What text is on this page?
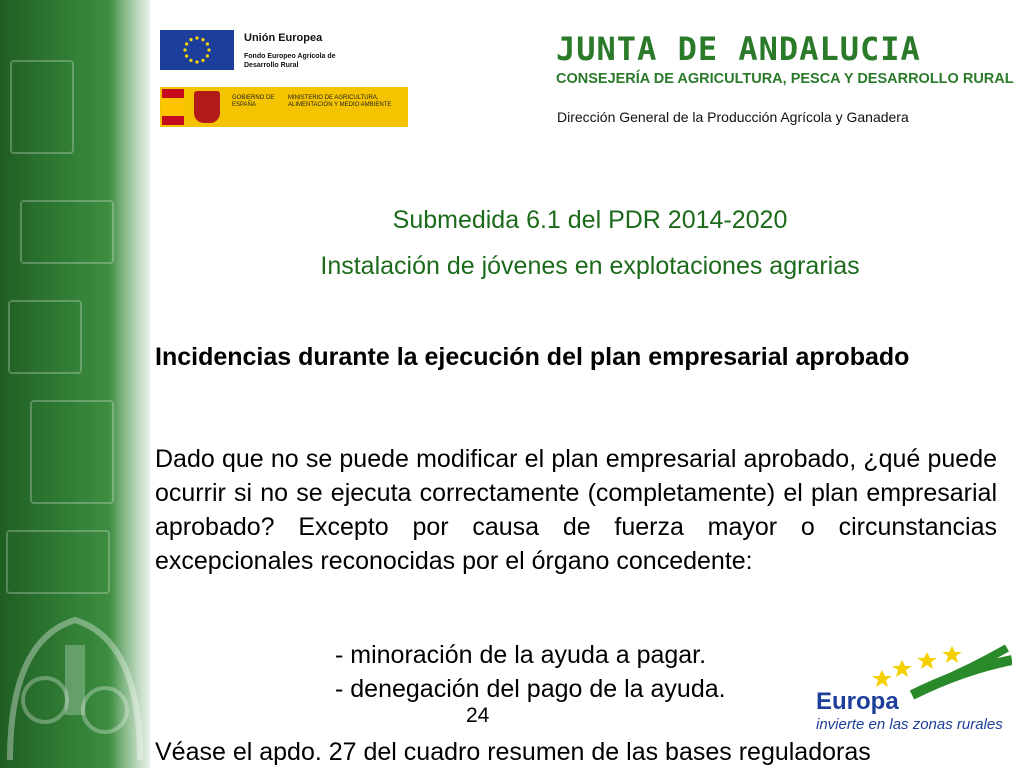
Unión Europea
Fondo Europeo Agrícola de Desarrollo Rural
GOBIERNO DE ESPAÑA
MINISTERIO DE AGRICULTURA, ALIMENTACIÓN Y MEDIO AMBIENTE
JUNTA DE ANDALUCIA
CONSEJERÍA DE AGRICULTURA, PESCA Y DESARROLLO RURAL
Dirección General de la Producción Agrícola y Ganadera
Submedida 6.1 del PDR 2014-2020
Instalación de jóvenes en explotaciones agrarias
Incidencias durante la ejecución del plan empresarial aprobado
Dado que no se puede modificar el plan empresarial aprobado, ¿qué puede ocurrir si no se ejecuta correctamente (completamente) el plan empresarial aprobado? Excepto por causa de fuerza mayor o circunstancias excepcionales reconocidas por el órgano concedente:
- minoración de la ayuda a pagar.
- denegación del pago de la ayuda.
24
Véase el apdo. 27 del cuadro resumen de las bases reguladoras
Europa
invierte en las zonas rurales
